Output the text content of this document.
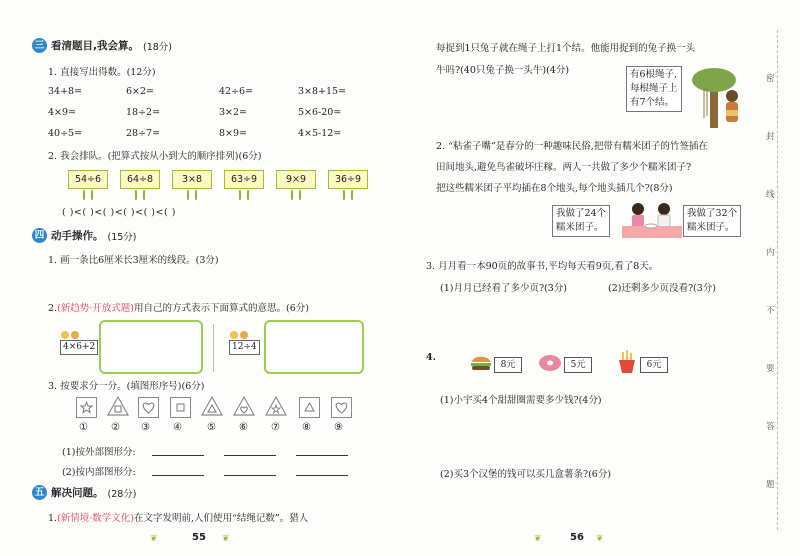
三 看清题目,我会算。 (18分)
1. 直接写出得数。(12分)
34+8=	6×2=	42÷6=	3×8+15=
4×9=	18÷2=	3×2=	5×6-20=
40÷5=	28÷7=	8×9=	4×5-12=
2. 我会排队。(把算式按从小到大的顺序排列)(6分)
54÷6	64÷8	3×8	63÷9	9×9	36÷9
( )<( )<( )<( )<( )<( )
四 动手操作。 (15分)
1. 画一条比6厘米长3厘米的线段。(3分)
2.(新趋势·开放式题)用自己的方式表示下面算式的意思。(6分)
4×6+2	12÷4
3. 按要求分一分。(填图形序号)(6分)
① ② ③ ④	⑤ ⑥ ⑦ ⑧ ⑨
(1)按外部图形分:
(2)按内部图形分:
五 解决问题。 (28分)
1.(新情境·数学文化)在文字发明前,人们使用“结绳记数”。猎人
❦	55 ❦
每捉到1只兔子就在绳子上打1个结。他能用捉到的兔子换一头
牛吗?(40只兔子换一头牛)(4分)	有6根绳子,
每根绳子上
有7个结。
2. “粘雀子嘴”是春分的一种趣味民俗,把带有糯米团子的竹签插在
田间地头,避免鸟雀破坏庄稼。两人一共做了多少个糯米团子?
把这些糯米团子平均插在8个地头,每个地头插几个?(8分)
我做了24个
糯米团子。
我做了32个
糯米团子。
3. 月月看一本90页的故事书,平均每天看9页,看了8天。
(1)月月已经看了多少页?(3分)	(2)还剩多少页没看?(3分)
4.
8元	5元	6元
(1)小宇买4个甜甜圈需要多少钱?(4分)
(2)买3个汉堡的钱可以买几盒薯条?(6分)
❦	56 ❦
密
封
线
内
不
要
答
题
